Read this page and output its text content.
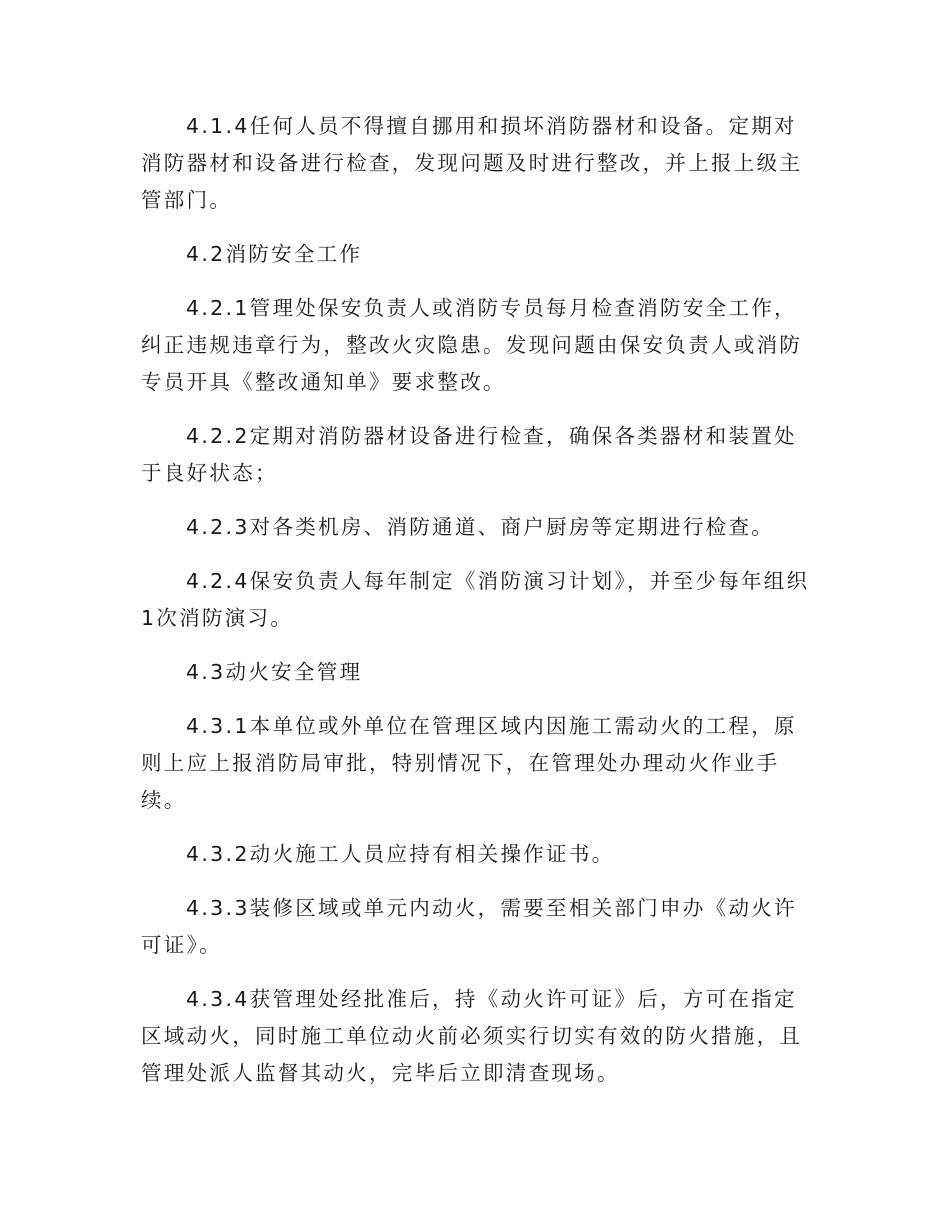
4.1.4任何人员不得擅自挪用和损坏消防器材和设备。定期对消防器材和设备进行检查，发现问题及时进行整改，并上报上级主管部门。

4.2消防安全工作

4.2.1管理处保安负责人或消防专员每月检查消防安全工作，纠正违规违章行为，整改火灾隐患。发现问题由保安负责人或消防专员开具《整改通知单》要求整改。

4.2.2定期对消防器材设备进行检查，确保各类器材和装置处于良好状态；

4.2.3对各类机房、消防通道、商户厨房等定期进行检查。

4.2.4保安负责人每年制定《消防演习计划》，并至少每年组织1次消防演习。

4.3动火安全管理

4.3.1本单位或外单位在管理区域内因施工需动火的工程，原则上应上报消防局审批，特别情况下，在管理处办理动火作业手续。

4.3.2动火施工人员应持有相关操作证书。

4.3.3装修区域或单元内动火，需要至相关部门申办《动火许可证》。

4.3.4获管理处经批准后，持《动火许可证》后，方可在指定区域动火，同时施工单位动火前必须实行切实有效的防火措施，且管理处派人监督其动火，完毕后立即清查现场。
